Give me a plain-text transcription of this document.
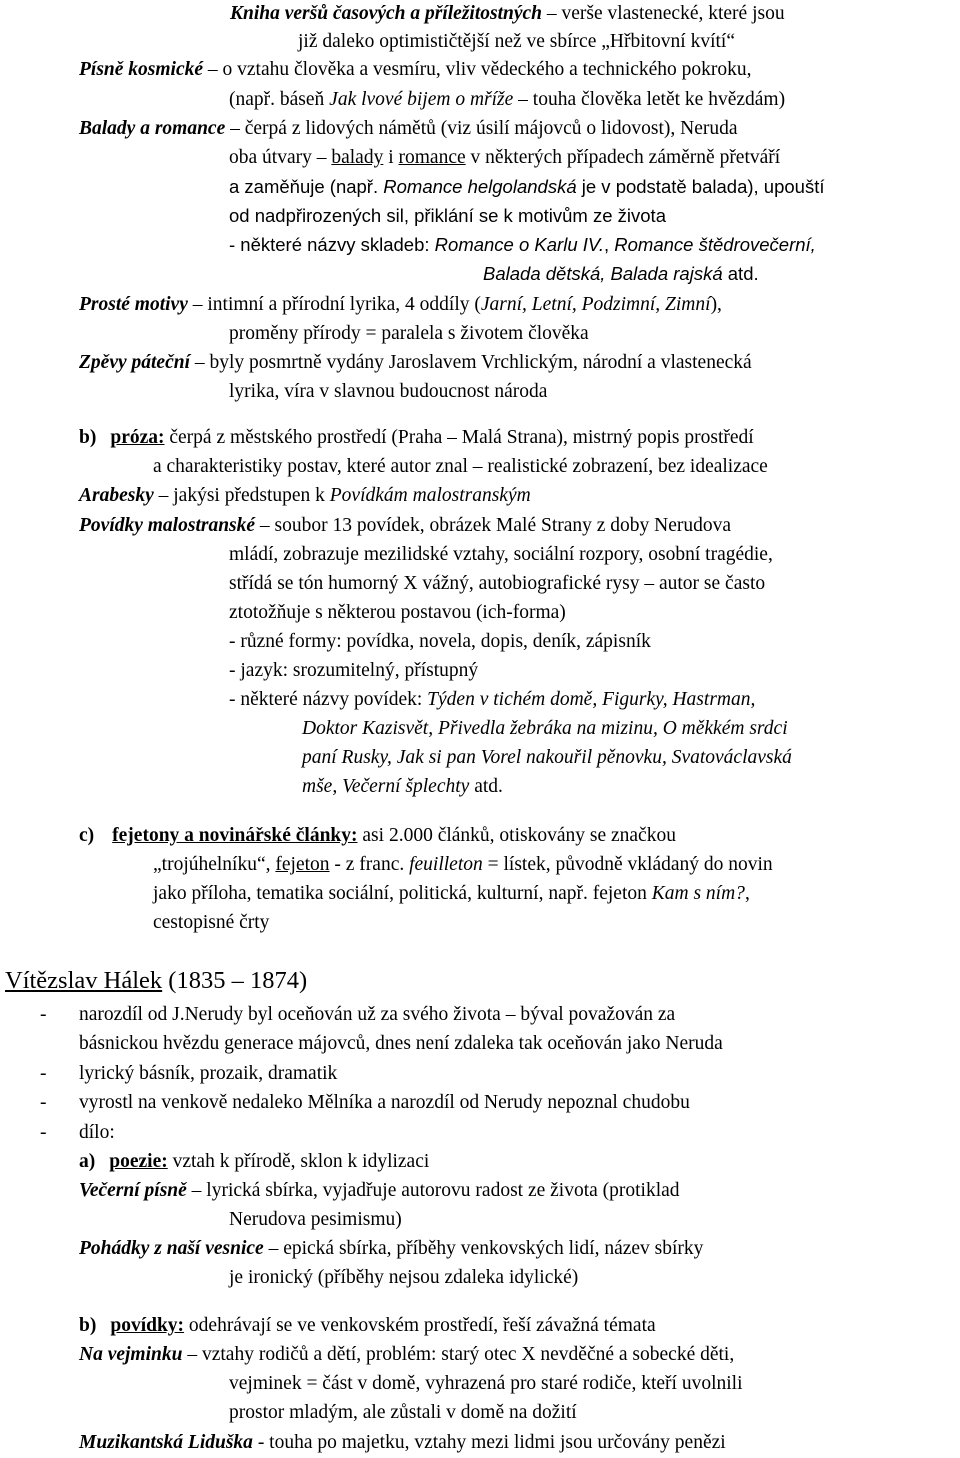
Kniha veršů časových a příležitostných – verše vlastenecké, které jsou
již daleko optimističtější než ve sbírce „Hřbitovní kvítí“
Písně kosmické – o vztahu člověka a vesmíru, vliv vědeckého a technického pokroku,
(např. báseň Jak lvové bijem o mříže – touha člověka letět ke hvězdám)
Balady a romance – čerpá z lidových námětů (viz úsilí májovců o lidovost), Neruda
oba útvary – balady i romance v některých případech záměrně přetváří
a zaměňuje (např. Romance helgolandská je v podstatě balada), upouští
od nadpřirozených sil, přiklání se k motivům ze života
- některé názvy skladeb: Romance o Karlu IV., Romance štědrovečerní,
Balada dětská, Balada rajská atd.
Prosté motivy – intimní a přírodní lyrika, 4 oddíly (Jarní, Letní, Podzimní, Zimní),
proměny přírody = paralela s životem člověka
Zpěvy páteční – byly posmrtně vydány Jaroslavem Vrchlickým, národní a vlastenecká
lyrika, víra v slavnou budoucnost národa
b) próza: čerpá z městského prostředí (Praha – Malá Strana), mistrný popis prostředí
a charakteristiky postav, které autor znal – realistické zobrazení, bez idealizace
Arabesky – jakýsi předstupen k Povídkám malostranským
Povídky malostranské – soubor 13 povídek, obrázek Malé Strany z doby Nerudova
mládí, zobrazuje mezilidské vztahy, sociální rozpory, osobní tragédie,
střídá se tón humorný X vážný, autobiografické rysy – autor se často
ztotožňuje s některou postavou (ich-forma)
- různé formy: povídka, novela, dopis, deník, zápisník
- jazyk: srozumitelný, přístupný
- některé názvy povídek: Týden v tichém domě, Figurky, Hastrman,
Doktor Kazisvět, Přivedla žebráka na mizinu, O měkkém srdci
paní Rusky, Jak si pan Vorel nakouřil pěnovku, Svatováclavská
mše, Večerní šplechty atd.
c) fejetony a novinářské články: asi 2.000 článků, otiskovány se značkou
„trojúhelníku“, fejeton - z franc. feuilleton = lístek, původně vkládaný do novin
jako příloha, tematika sociální, politická, kulturní, např. fejeton Kam s ním?,
cestopisné črty
Vítězslav Hálek (1835 – 1874)
- narozdíl od J.Nerudy byl oceňován už za svého života – býval považován za
básnickou hvězdu generace májovců, dnes není zdaleka tak oceňován jako Neruda
- lyrický básník, prozaik, dramatik
- vyrostl na venkově nedaleko Mělníka a narozdíl od Nerudy nepoznal chudobu
- dílo:
a) poezie: vztah k přírodě, sklon k idylizaci
Večerní písně – lyrická sbírka, vyjadřuje autorovu radost ze života (protiklad
Nerudova pesimismu)
Pohádky z naší vesnice – epická sbírka, příběhy venkovských lidí, název sbírky
je ironický (příběhy nejsou zdaleka idylické)
b) povídky: odehrávají se ve venkovském prostředí, řeší závažná témata
Na vejminku – vztahy rodičů a dětí, problém: starý otec X nevděčné a sobecké děti,
vejminek = část v domě, vyhrazená pro staré rodiče, kteří uvolnili
prostor mladým, ale zůstali v domě na dožití
Muzikantská Liduška - touha po majetku, vztahy mezi lidmi jsou určovány penězi
